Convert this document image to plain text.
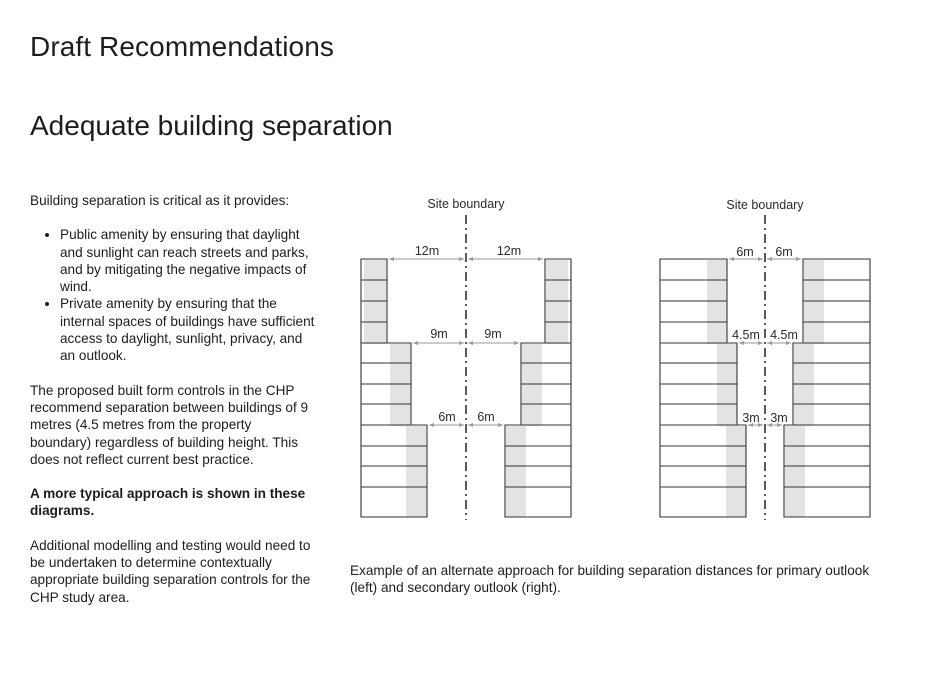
Draft Recommendations
Adequate building separation

Building separation is critical as it provides:

• Public amenity by ensuring that daylight and sunlight can reach streets and parks, and by mitigating the negative impacts of wind.
• Private amenity by ensuring that the internal spaces of buildings have sufficient access to daylight, sunlight, privacy, and an outlook.

The proposed built form controls in the CHP recommend separation between buildings of 9 metres (4.5 metres from the property boundary) regardless of building height. This does not reflect current best practice.

A more typical approach is shown in these diagrams.

Additional modelling and testing would need to be undertaken to determine contextually appropriate building separation controls for the CHP study area.

Site boundary
12m	12m
9m	9m
6m 6m
Site boundary
6m 6m
4.5m 4.5m
3m 3m
Example of an alternate approach for building separation distances for primary outlook (left) and secondary outlook (right).
